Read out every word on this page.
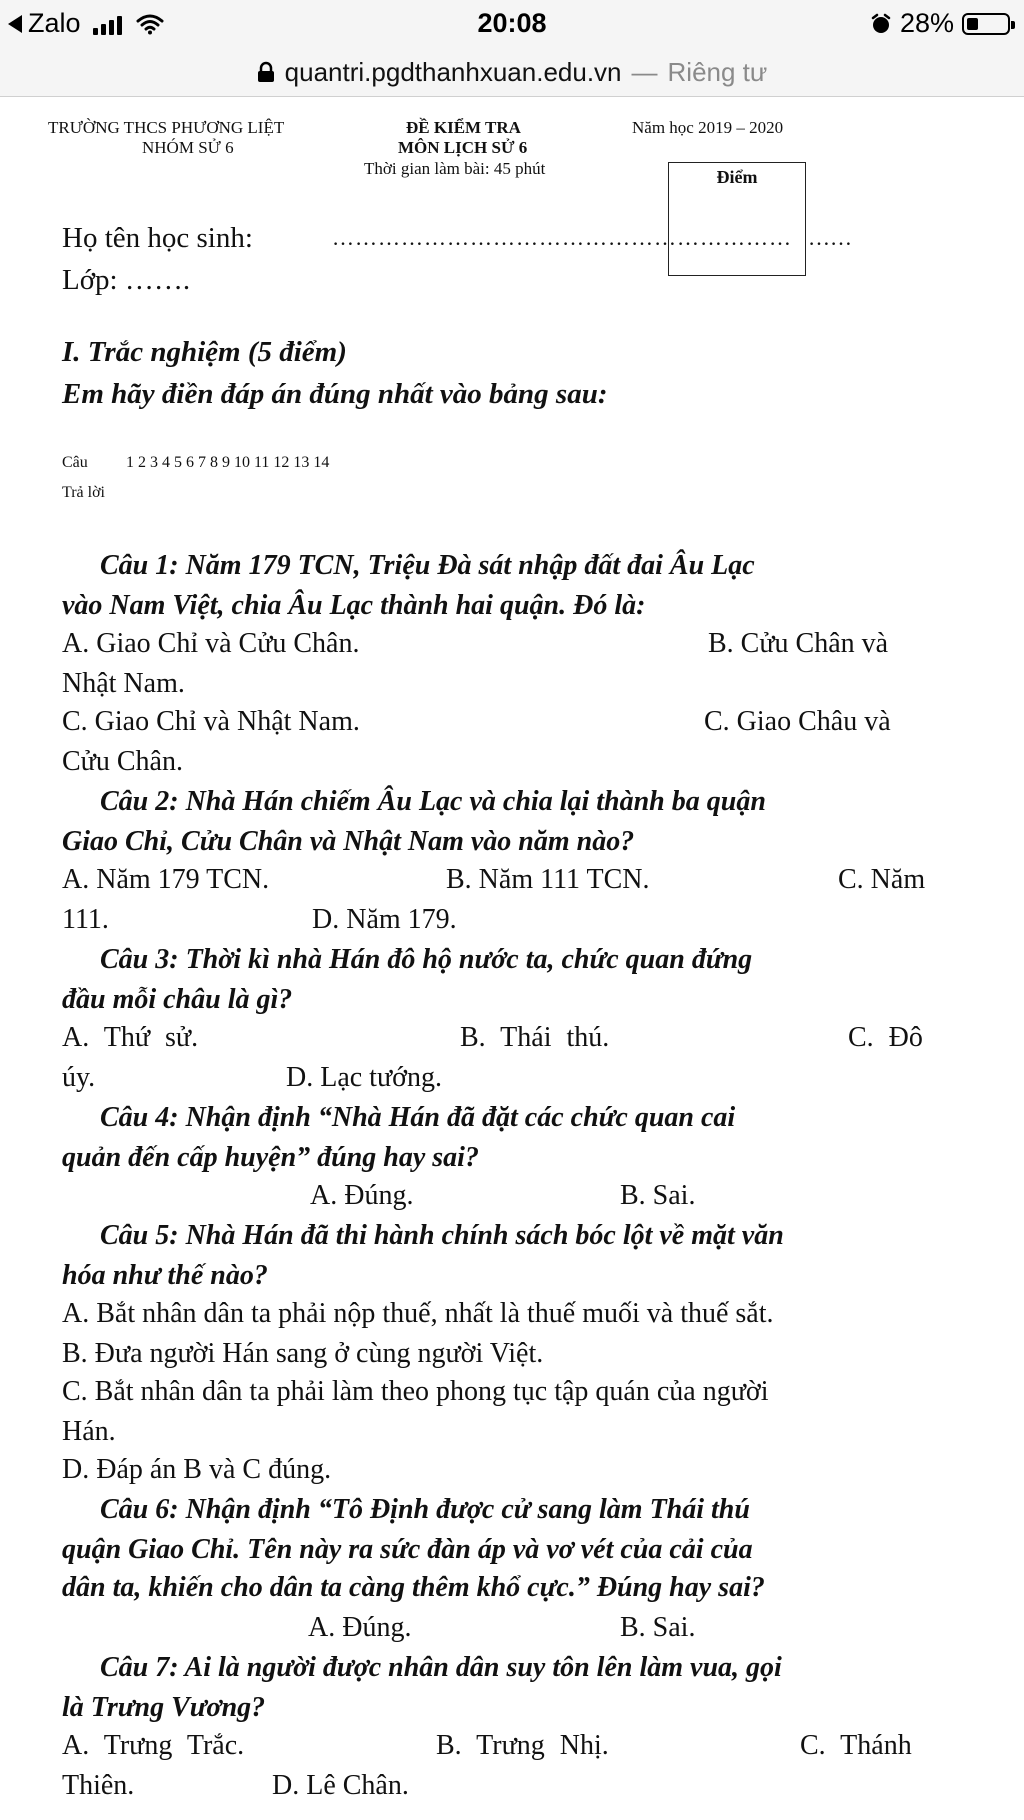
Zalo	20:08	28%
quantri.pgdthanhxuan.edu.vn — Riêng tư
TRƯỜNG THCS PHƯƠNG LIỆT
NHÓM SỬ 6
ĐỀ KIỂM TRA
MÔN LỊCH SỬ 6
Thời gian làm bài: 45 phút
Năm học 2019 – 2020
Điểm
Họ tên học sinh:	…………………………………………………… ……
Lớp: …….
I. Trắc nghiệm (5 điểm)
Em hãy điền đáp án đúng nhất vào bảng sau:
Câu 1 2 3 4 5 6 7 8 9 10 11 12 13 14
Trả lời
Câu 1: Năm 179 TCN, Triệu Đà sát nhập đất đai Âu Lạc
vào Nam Việt, chia Âu Lạc thành hai quận. Đó là:
A. Giao Chỉ và Cửu Chân.	B. Cửu Chân và
Nhật Nam.
C. Giao Chỉ và Nhật Nam.	C. Giao Châu và
Cửu Chân.
Câu 2: Nhà Hán chiếm Âu Lạc và chia lại thành ba quận
Giao Chỉ, Cửu Chân và Nhật Nam vào năm nào?
A. Năm 179 TCN.	B. Năm 111 TCN.	C. Năm
111.	D. Năm 179.
Câu 3: Thời kì nhà Hán đô hộ nước ta, chức quan đứng
đầu mỗi châu là gì?
A. Thứ sử.	B. Thái thú.	C. Đô
úy.	D. Lạc tướng.
Câu 4: Nhận định “Nhà Hán đã đặt các chức quan cai
quản đến cấp huyện” đúng hay sai?
A. Đúng.	B. Sai.
Câu 5: Nhà Hán đã thi hành chính sách bóc lột về mặt văn
hóa như thế nào?
A. Bắt nhân dân ta phải nộp thuế, nhất là thuế muối và thuế sắt.
B. Đưa người Hán sang ở cùng người Việt.
C. Bắt nhân dân ta phải làm theo phong tục tập quán của người
Hán.
D. Đáp án B và C đúng.
Câu 6: Nhận định “Tô Định được cử sang làm Thái thú
quận Giao Chỉ. Tên này ra sức đàn áp và vơ vét của cải của
dân ta, khiến cho dân ta càng thêm khổ cực.” Đúng hay sai?
A. Đúng.	B. Sai.
Câu 7: Ai là người được nhân dân suy tôn lên làm vua, gọi
là Trưng Vương?
A. Trưng Trắc.	B. Trưng Nhị.	C. Thánh
Thiên.	D. Lê Chân.
